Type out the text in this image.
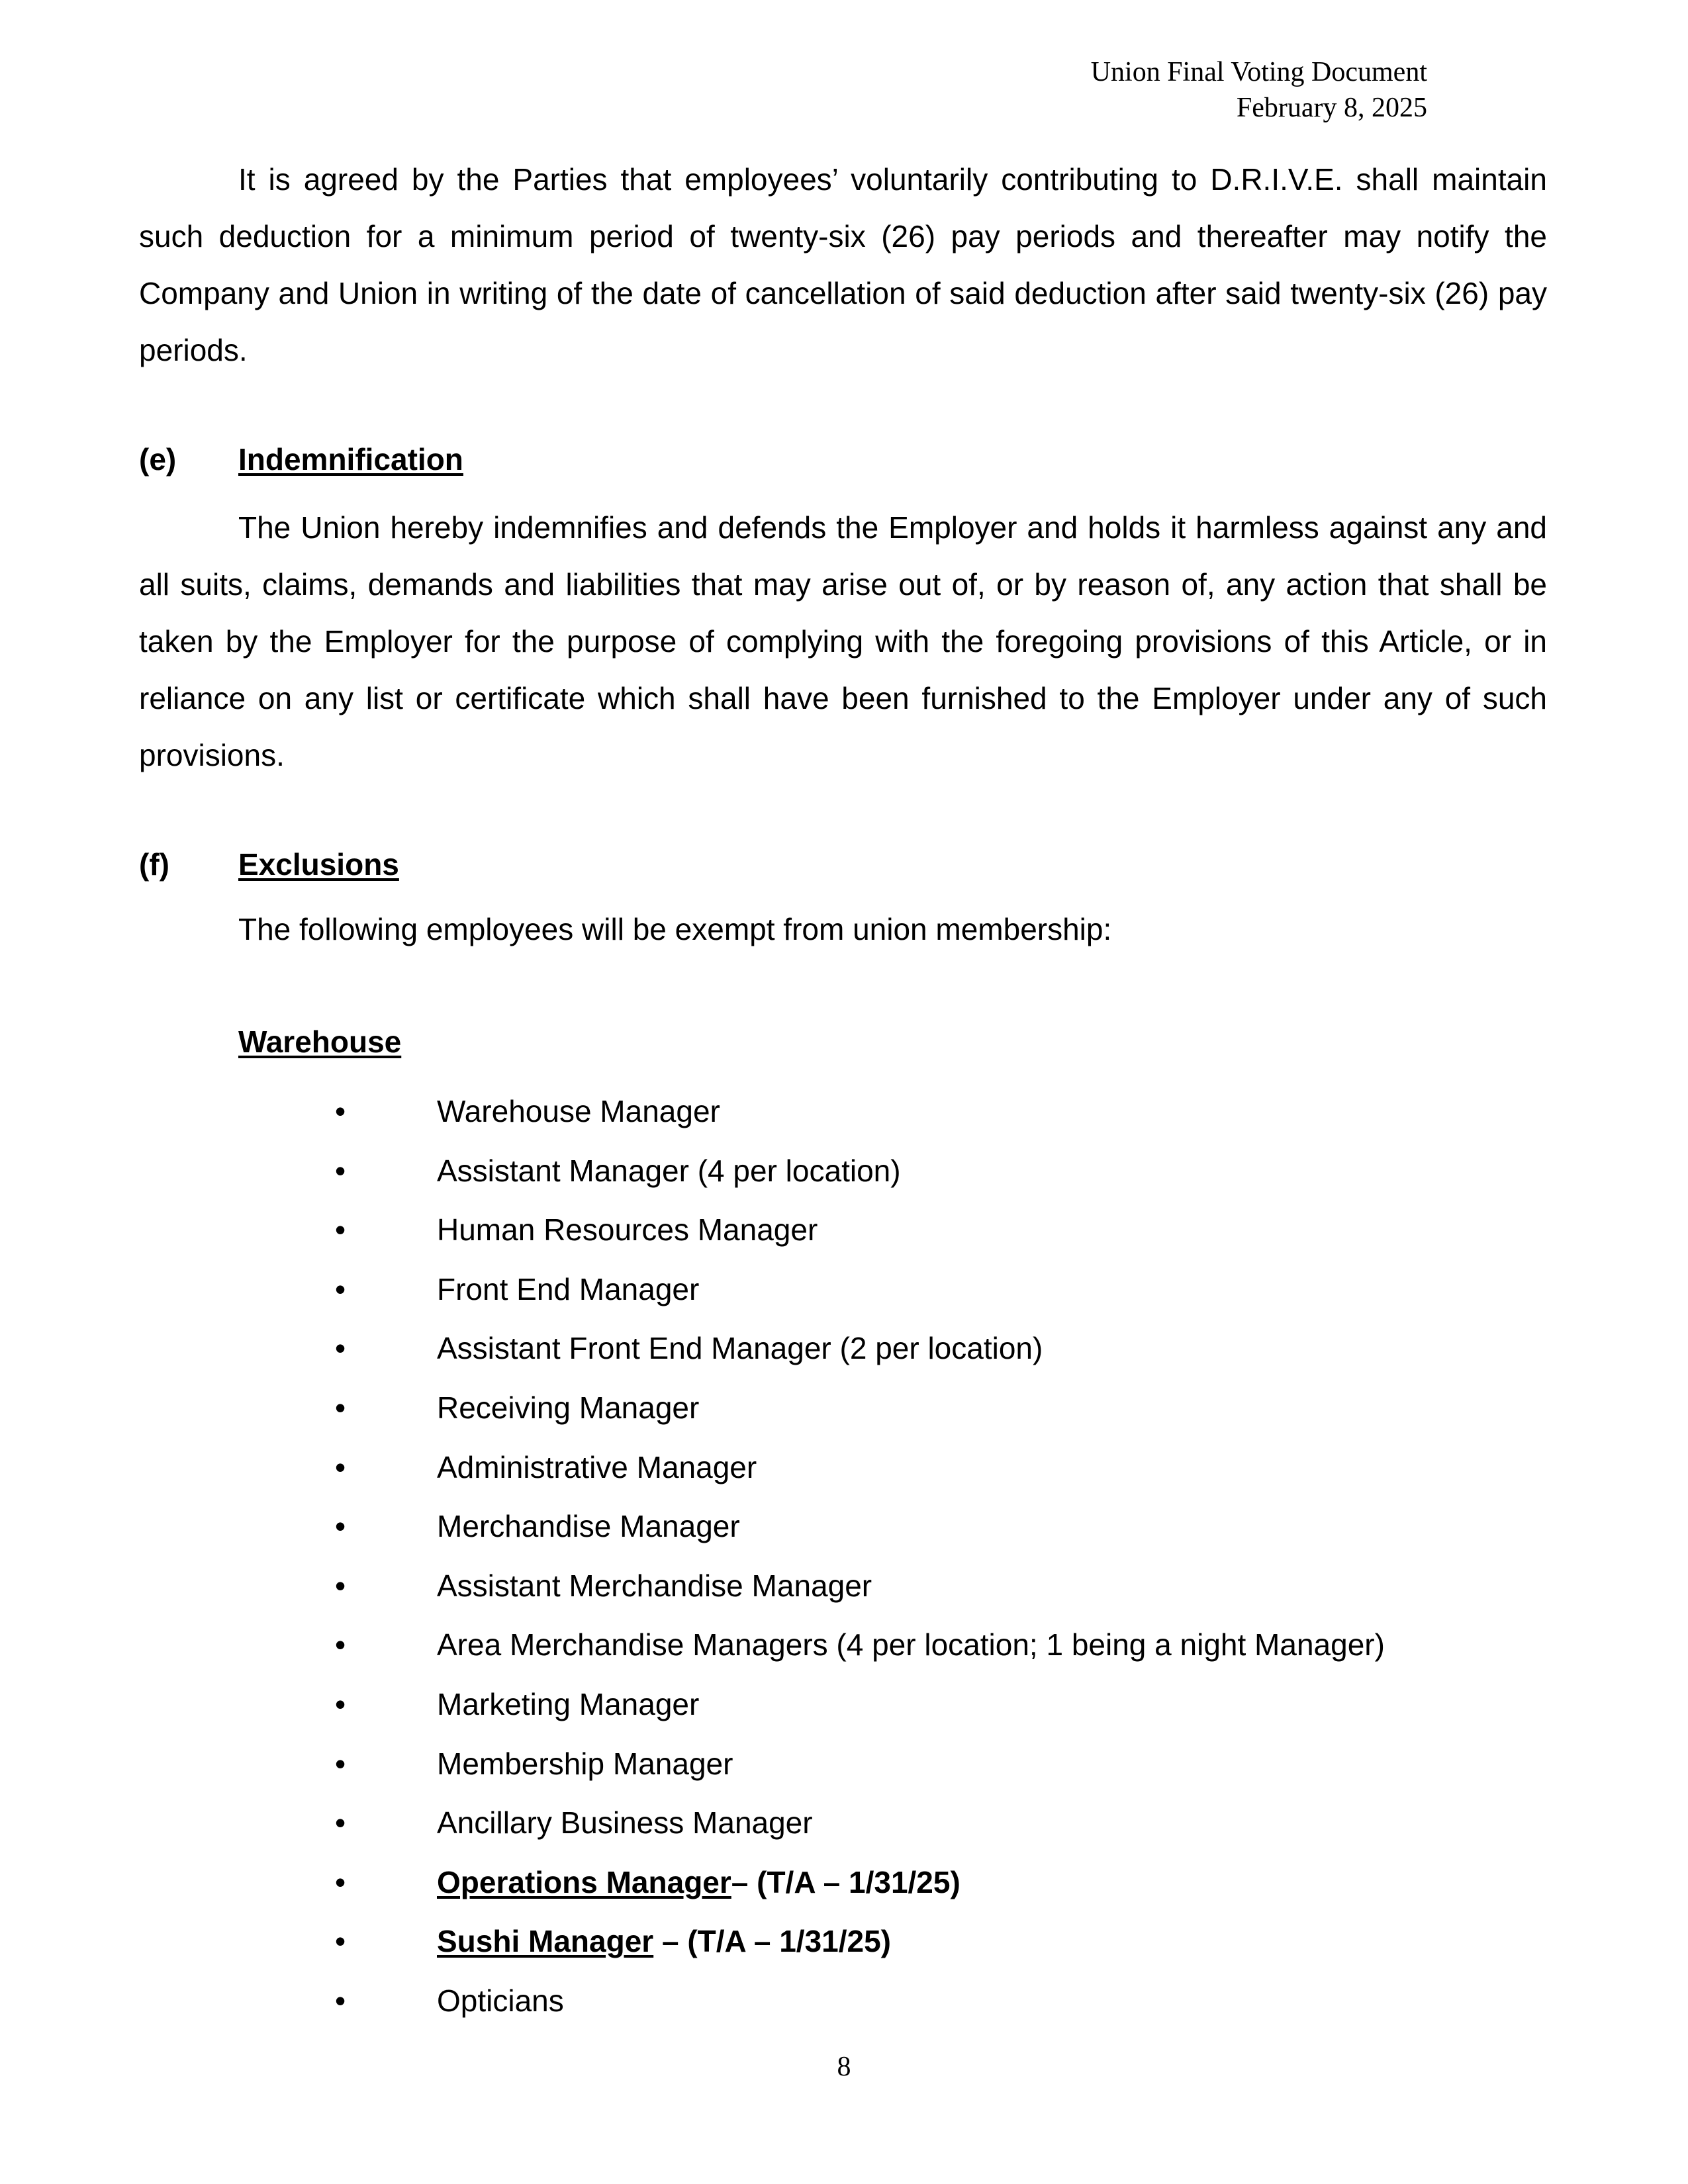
Union Final Voting Document
February 8, 2025

It is agreed by the Parties that employees’ voluntarily contributing to D.R.I.V.E. shall maintain such deduction for a minimum period of twenty-six (26) pay periods and thereafter may notify the Company and Union in writing of the date of cancellation of said deduction after said twenty-six (26) pay periods.

(e) Indemnification

The Union hereby indemnifies and defends the Employer and holds it harmless against any and all suits, claims, demands and liabilities that may arise out of, or by reason of, any action that shall be taken by the Employer for the purpose of complying with the foregoing provisions of this Article, or in reliance on any list or certificate which shall have been furnished to the Employer under any of such provisions.

(f) Exclusions
The following employees will be exempt from union membership:
Warehouse
•	Warehouse Manager
•	Assistant Manager (4 per location)
•	Human Resources Manager
•	Front End Manager
•	Assistant Front End Manager (2 per location)
•	Receiving Manager
•	Administrative Manager
•	Merchandise Manager
•	Assistant Merchandise Manager
•	Area Merchandise Managers (4 per location; 1 being a night Manager)
•	Marketing Manager
•	Membership Manager
•	Ancillary Business Manager
•	Operations Manager– (T/A – 1/31/25)
•	Sushi Manager – (T/A – 1/31/25)
•	Opticians
8
